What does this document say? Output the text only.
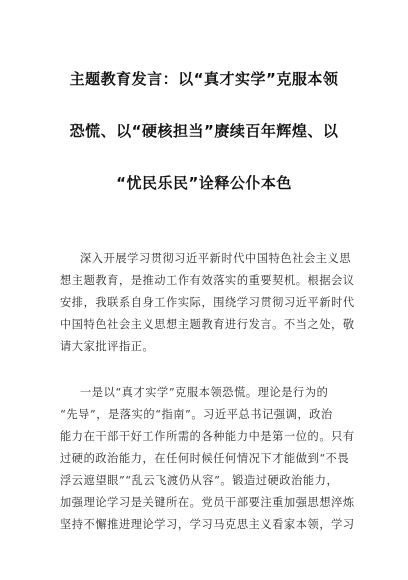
主题教育发言：以“真才实学”克服本领
恐慌、以“硬核担当”赓续百年辉煌、以
“忧民乐民”诠释公仆本色
深入开展学习贯彻习近平新时代中国特色社会主义思
想主题教育，是推动工作有效落实的重要契机。根据会议
安排，我联系自身工作实际，围绕学习贯彻习近平新时代
中国特色社会主义思想主题教育进行发言。不当之处，敬
请大家批评指正。
一是以“真才实学”克服本领恐慌。理论是行为的
“先导”，是落实的“指南”。习近平总书记强调，政治
能力在干部干好工作所需的各种能力中是第一位的。只有
过硬的政治能力，在任何时候任何情况下才能做到“不畏
浮云遮望眼”“乱云飞渡仍从容”。锻造过硬政治能力，
加强理论学习是关键所在。党员干部要注重加强思想淬炼
坚持不懈推进理论学习，学习马克思主义看家本领，学习
